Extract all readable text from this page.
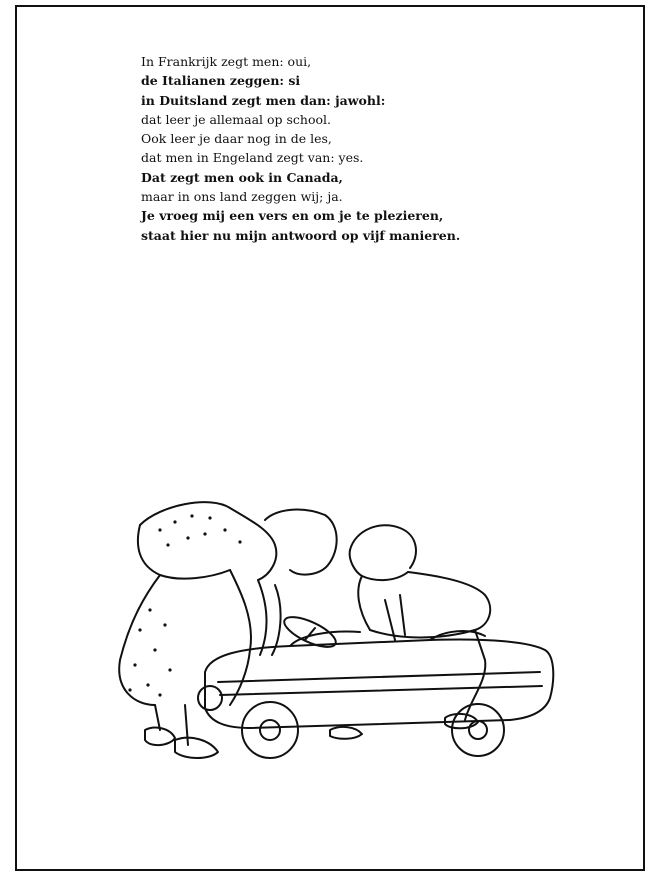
In Frankrijk zegt men: oui,
de Italianen zeggen: si
in Duitsland zegt men dan: jawohl:
dat leer je allemaal op school.
Ook leer je daar nog in de les,
dat men in Engeland zegt van: yes.
Dat zegt men ook in Canada,
maar in ons land zeggen wij; ja.
Je vroeg mij een vers en om je te plezieren,
staat hier nu mijn antwoord op vijf manieren.
